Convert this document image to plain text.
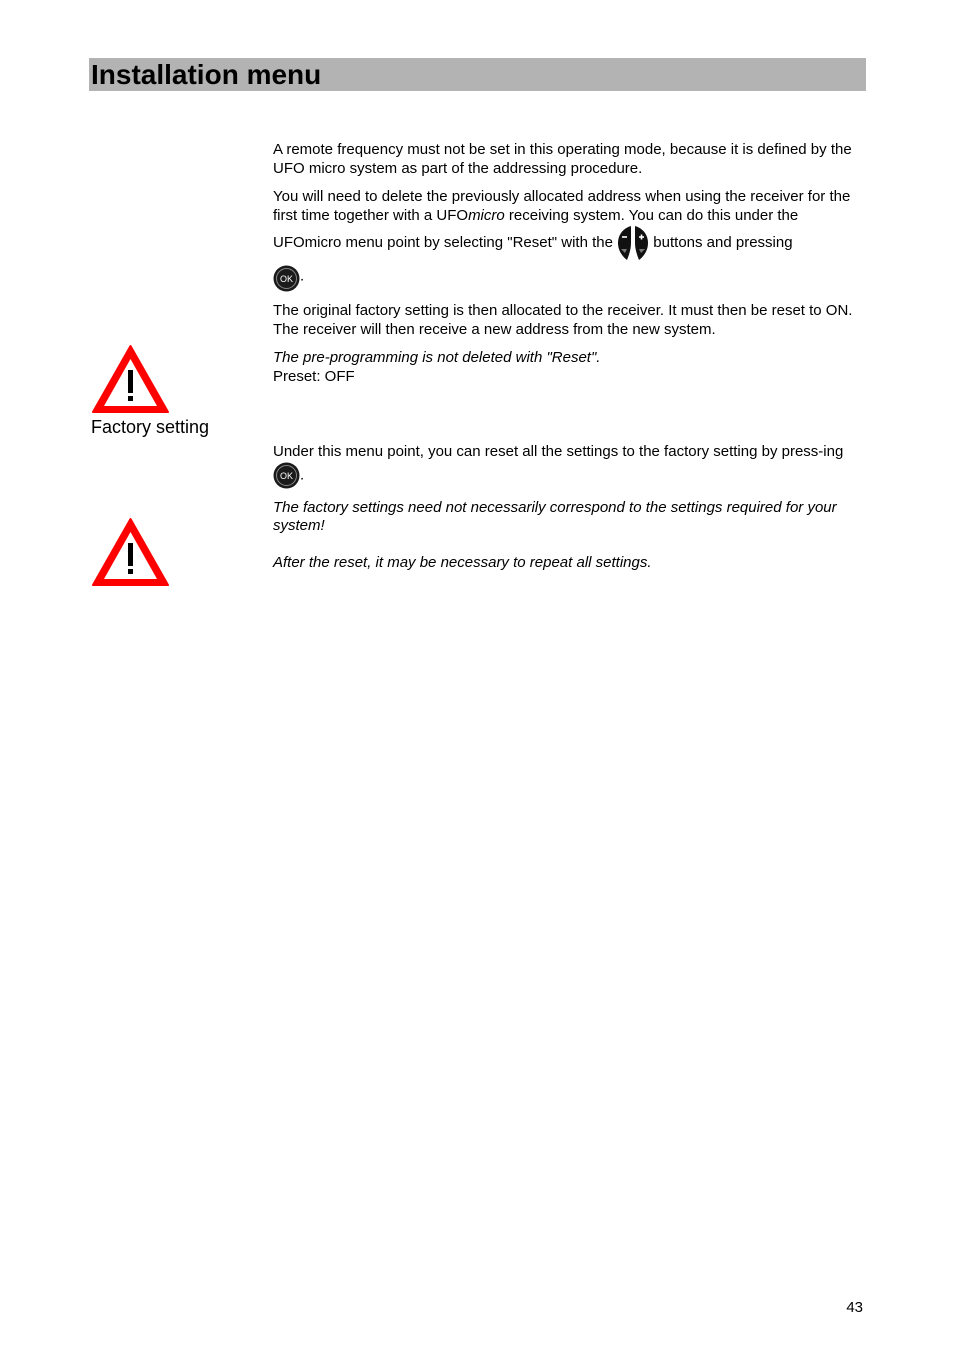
Installation menu

A remote frequency must not be set in this operating mode, because it is defined by the UFO micro system as part of the addressing procedure.

You will need to delete the previously allocated address when using the receiver for the first time together with a UFOmicro receiving system. You can do this under the UFOmicro menu point by selecting "Reset" with the
buttons and pressing

OK .

The original factory setting is then allocated to the receiver. It must then be reset to ON. The receiver will then receive a new address from the new system.

The pre-programming is not deleted with "Reset".

Preset: OFF

Factory setting

Under this menu point, you can reset all the settings to the factory setting by press-ing
OK .

The factory settings need not necessarily correspond to the settings required for your system!

After the reset, it may be necessary to repeat all settings.

43
